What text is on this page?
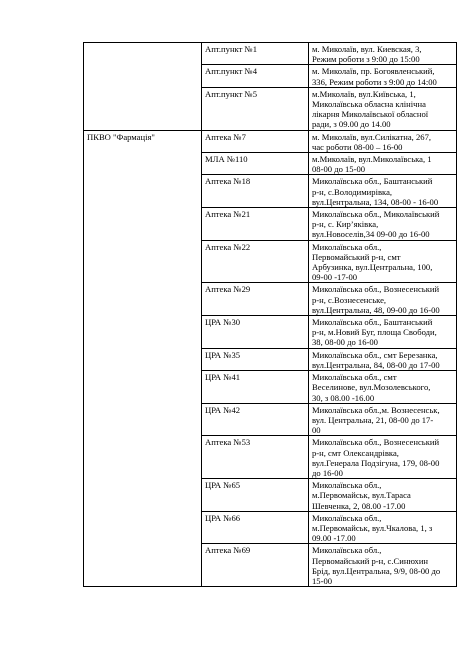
	Апт.пункт №1	м. Миколаїв, вул. Киевская, 3,
Режим роботи з 9:00 до 15:00

	Апт.пункт №4	м. Миколаїв, пр. Богоявленський,
336, Режим роботи з 9:00 до 14:00

	Апт.пункт №5	м.Миколаїв, вул.Київська, 1,
Миколаївська обласна клінічна
лікарня Миколаївської обласної
ради, з 09.00 до 14.00

ПКВО "Фармація"	Аптека №7	м. Миколаїв, вул.Силікатна, 267,
час роботи 08-00 – 16-00

	МЛА №110	м.Миколаїв, вул.Миколаївська, 1
08-00 до 15-00

	Аптека №18	Миколаївська обл., Баштанський
р-н, с.Володимирівка,
вул.Центральна, 134, 08-00 - 16-00

	Аптека №21	Миколаївська обл., Миколаївський
р-н, с. Кир’яківка,
вул.Новоселів,34 09-00 до 16-00

	Аптека №22	Миколаївська обл.,
Первомайський р-н, смт
Арбузинка, вул.Центральна, 100,
09-00 -17-00

	Аптека №29	Миколаївська обл., Вознесенський
р-н, с.Вознесенське,
вул.Центральна, 48, 09-00 до 16-00

	ЦРА №30	Миколаївська обл., Баштанський
р-н, м.Новий Буг, площа Свободи,
38, 08-00 до 16-00

	ЦРА №35	Миколаївська обл., смт Березанка,
вул.Центральна, 84, 08-00 до 17-00

	ЦРА №41	Миколаївська обл., смт
Веселинове, вул.Мозолевського,
30, з 08.00 -16.00

	ЦРА №42	Миколаївська обл.,м. Вознесенськ,
вул. Центральна, 21, 08-00 до 17-
00

	Аптека №53	Миколаївська обл., Вознесенський
р-н, смт Олександрівка,
вул.Генерала Подзігуна, 179, 08-00
до 16-00

	ЦРА №65	Миколаївська обл.,
м.Первомайськ, вул.Тараса
Шевченка, 2, 08.00 -17.00

	ЦРА №66	Миколаївська обл.,
м.Первомайськ, вул.Чкалова, 1, з
09.00 -17.00

	Аптека №69	Миколаївська обл.,
Первомайський р-н, с.Синюхин
Брід, вул.Центральна, 9/9, 08-00 до
15-00
